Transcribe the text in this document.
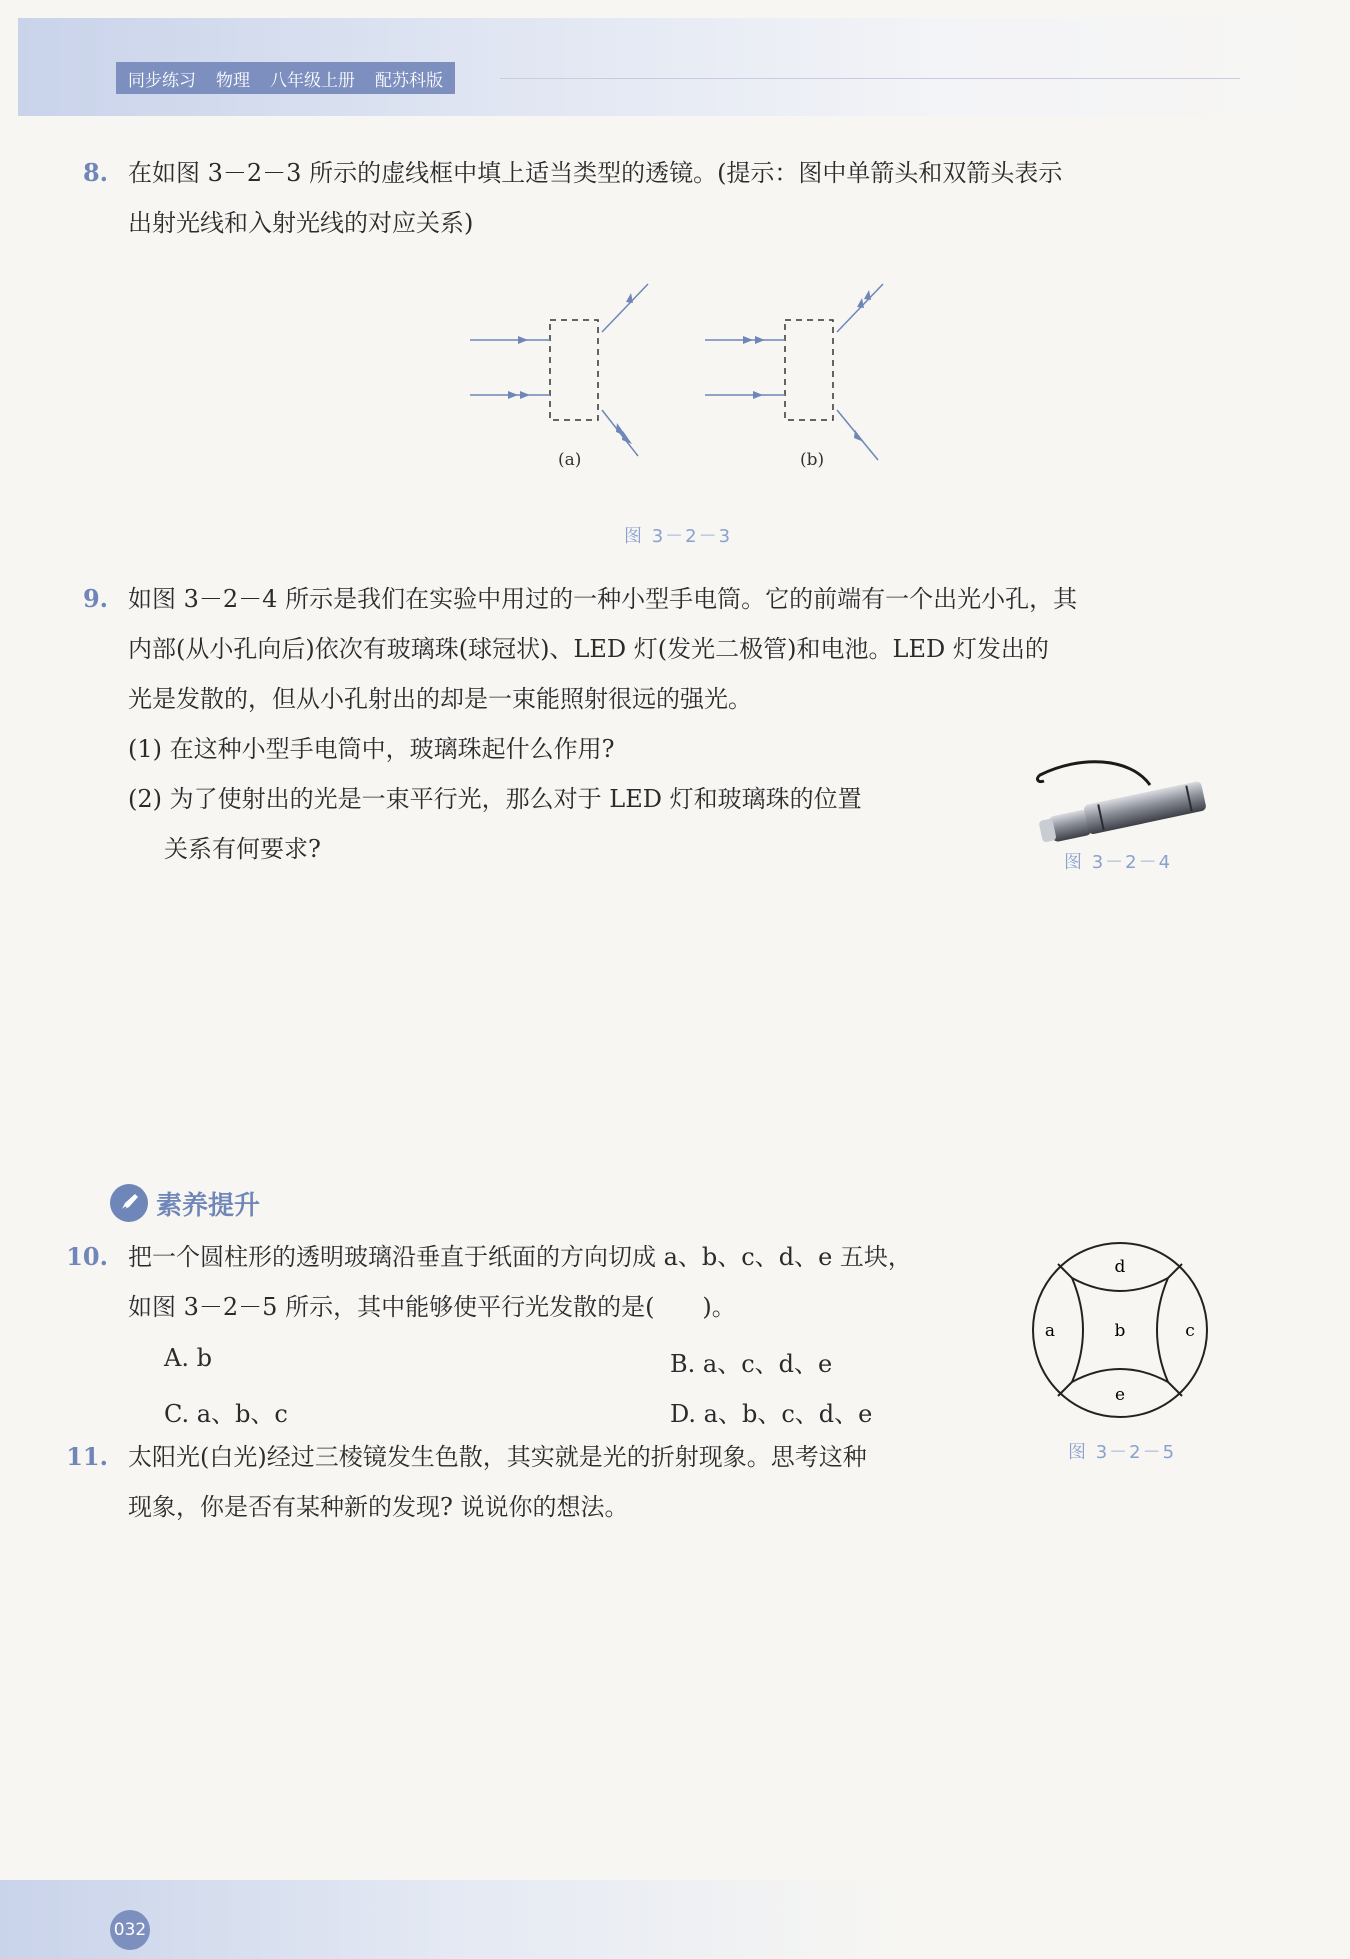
同步练习 物理 八年级上册 配苏科版
8. 在如图 3－2－3 所示的虚线框中填上适当类型的透镜。(提示：图中单箭头和双箭头表示
出射光线和入射光线的对应关系)
(a)	(b)
图 3－2－3
9. 如图 3－2－4 所示是我们在实验中用过的一种小型手电筒。它的前端有一个出光小孔，其
内部(从小孔向后)依次有玻璃珠(球冠状)、LED 灯(发光二极管)和电池。LED 灯发出的
光是发散的，但从小孔射出的却是一束能照射很远的强光。
(1) 在这种小型手电筒中，玻璃珠起什么作用?
(2) 为了使射出的光是一束平行光，那么对于 LED 灯和玻璃珠的位置
关系有何要求?	图 3－2－4
素养提升
10. 把一个圆柱形的透明玻璃沿垂直于纸面的方向切成 a、b、c、d、e 五块，
如图 3－2－5 所示，其中能够使平行光发散的是(　　)。
A. b	B. a、c、d、e
C. a、b、c	D. a、b、c、d、e
d
a	b	c
e
图 3－2－5
11. 太阳光(白光)经过三棱镜发生色散，其实就是光的折射现象。思考这种
现象，你是否有某种新的发现? 说说你的想法。
032
